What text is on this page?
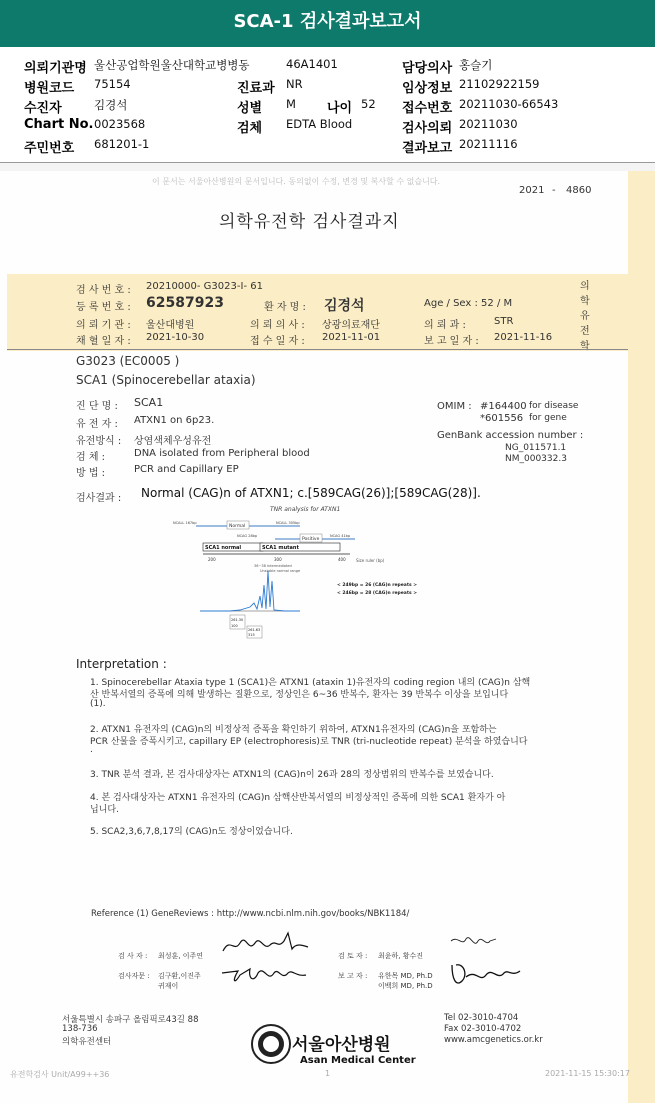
SCA-1 검사결과보고서
의뢰기관명 울산공업학원울산대학교병병동	46A1401	담당의사 홍슬기
병원코드 75154	진료과 NR	임상정보 21102922159
수진자	김경석	성별 M 나이 52 접수번호 20211030-66543
Chart No. 0023568	검체 EDTA Blood	검사의뢰 20211030
주민번호 681201-1	결과보고 20211116
이 문서는 서울아산병원의 문서입니다. 동의없이 수정, 변경 및 복사할 수 없습니다.
2021 - 4860
의학유전학 검사결과지
의학유전학
검 사 번 호 : 20210000- G3023-I- 61
등 록 번 호 : 62587923	환 자 명 : 김경석	Age / Sex : 52 / M
의 뢰 기 관 : 울산대병원	의 뢰 의 사 : 상광의료재단	의 뢰 과 :	STR
채 혈 일 자 : 2021-10-30	접 수 일 자 : 2021-11-01	보 고 일 자 : 2021-11-16
G3023 (EC0005 )
SCA1 (Spinocerebellar ataxia)
진 단 명 : SCA1
유 전 자 : ATXN1 on 6p23.
유전방식 : 상염색체우성유전
검 체 :	DNA isolated from Peripheral blood
방 법 :	PCR and Capillary EP
OMIM : #164400 for disease
*601556 for gene
GenBank accession number :
NG_011571.1
NM_000332.3
검사결과 : Normal (CAG)n of ATXN1; c.[589CAG(26)];[589CAG(28)].
TNR analysis for ATXN1
Normal
NCALL 167bp	NCALL 305bp
NCAG 28bp
Positive
NCAG 41bp
SCA1 normal	SCA1 mutant
200	300	400	Size ruler (bp)
36~38 intermediated
Unstable normal range
< 249bp = 26 (CAG)n repeats >
< 246bp = 28 (CAG)n repeats >
261.30
100
261.63
315
Interpretation :
1. Spinocerebellar Ataxia type 1 (SCA1)은 ATXN1 (ataxin 1)유전자의 coding region 내의 (CAG)n 삼핵
산 반복서열의 증폭에 의해 발생하는 질환으로, 정상인은 6~36 반복수, 환자는 39 반복수 이상을 보입니다
(1).
2. ATXN1 유전자의 (CAG)n의 비정상적 증폭을 확인하기 위하여, ATXN1유전자의 (CAG)n을 포함하는
PCR 산물을 증폭시키고, capillary EP (electrophoresis)로 TNR (tri-nucleotide repeat) 분석을 하였습니다
.
3. TNR 분석 결과, 본 검사대상자는 ATXN1의 (CAG)n이 26과 28의 정상범위의 반복수를 보였습니다.
4. 본 검사대상자는 ATXN1 유전자의 (CAG)n 삼핵산반복서열의 비정상적인 증폭에 의한 SCA1 환자가 아
닙니다.
5. SCA2,3,6,7,8,17의 (CAG)n도 정상이었습니다.
Reference (1) GeneReviews : http://www.ncbi.nlm.nih.gov/books/NBK1184/
검 사 자 : 최성훈, 이주연	검 토 자 : 최윤하, 황수진
검사자문 : 김구환,이진주
귀재이
보 고 자 : 유한목 MD, Ph.D
이백희 MD, Ph.D
서울특별시 송파구 올림픽로43길 88
138-736
의학유전센터	서울아산병원
Asan Medical Center
Tel 02-3010-4704
Fax 02-3010-4702
www.amcgenetics.or.kr
유전학검사 Unit/A99++36	1	2021-11-15 15:30:17
